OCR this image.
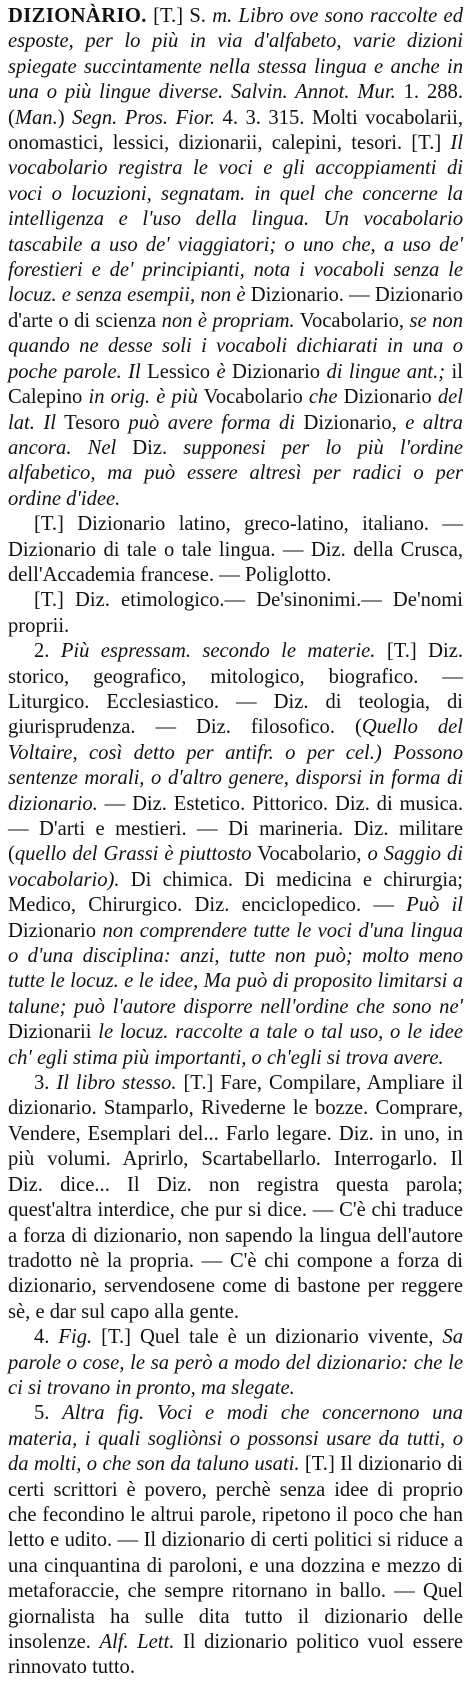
DIZIONÀRIO. [T.] S. m. Libro ove sono raccolte ed esposte, per lo più in via d'alfabeto, varie dizioni spiegate succintamente nella stessa lingua e anche in una o più lingue diverse. Salvin. Annot. Mur. 1. 288. (Man.) Segn. Pros. Fior. 4. 3. 315. Molti vocabolarii, onomastici, lessici, dizionarii, calepini, tesori. [T.] Il vocabolario registra le voci e gli accoppiamenti di voci o locuzioni, segnatam. in quel che concerne la intelligenza e l'uso della lingua. Un vocabolario tascabile a uso de' viaggiatori; o uno che, a uso de' forestieri e de' principianti, nota i vocaboli senza le locuz. e senza esempii, non è Dizionario. — Dizionario d'arte o di scienza non è propriam. Vocabolario, se non quando ne desse soli i vocaboli dichiarati in una o poche parole. Il Lessico è Dizionario di lingue ant.; il Calepino in orig. è più Vocabolario che Dizionario del lat. Il Tesoro può avere forma di Dizionario, e altra ancora. Nel Diz. supponesi per lo più l'ordine alfabetico, ma può essere altresì per radici o per ordine d'idee.

[T.] Dizionario latino, greco-latino, italiano. — Dizionario di tale o tale lingua. — Diz. della Crusca, dell'Accademia francese. — Poliglotto.

[T.] Diz. etimologico.— De'sinonimi.— De'nomi proprii.

2. Più espressam. secondo le materie. [T.] Diz. storico, geografico, mitologico, biografico. — Liturgico. Ecclesiastico. — Diz. di teologia, di giurisprudenza. — Diz. filosofico. (Quello del Voltaire, così detto per antifr. o per cel.) Possono sentenze morali, o d'altro genere, disporsi in forma di dizionario. — Diz. Estetico. Pittorico. Diz. di musica. — D'arti e mestieri. — Di marineria. Diz. militare (quello del Grassi è piuttosto Vocabolario, o Saggio di vocabolario). Di chimica. Di medicina e chirurgia; Medico, Chirurgico. Diz. enciclopedico. — Può il Dizionario non comprendere tutte le voci d'una lingua o d'una disciplina: anzi, tutte non può; molto meno tutte le locuz. e le idee, Ma può di proposito limitarsi a talune; può l'autore disporre nell'ordine che sono ne' Dizionarii le locuz. raccolte a tale o tal uso, o le idee ch' egli stima più importanti, o ch'egli si trova avere.

3. Il libro stesso. [T.] Fare, Compilare, Ampliare il dizionario. Stamparlo, Rivederne le bozze. Comprare, Vendere, Esemplari del... Farlo legare. Diz. in uno, in più volumi. Aprirlo, Scartabellarlo. Interrogarlo. Il Diz. dice... Il Diz. non registra questa parola; quest'altra interdice, che pur si dice. — C'è chi traduce a forza di dizionario, non sapendo la lingua dell'autore tradotto nè la propria. — C'è chi compone a forza di dizionario, servendosene come di bastone per reggere sè, e dar sul capo alla gente.

4. Fig. [T.] Quel tale è un dizionario vivente, Sa parole o cose, le sa però a modo del dizionario: che le ci si trovano in pronto, ma slegate.

5. Altra fig. Voci e modi che concernono una materia, i quali sogliònsi o possonsi usare da tutti, o da molti, o che son da taluno usati. [T.] Il dizionario di certi scrittori è povero, perchè senza idee di proprio che fecondino le altrui parole, ripetono il poco che han letto e udito. — Il dizionario di certi politici si riduce a una cinquantina di paroloni, e una dozzina e mezzo di metaforaccie, che sempre ritornano in ballo. — Quel giornalista ha sulle dita tutto il dizionario delle insolenze. Alf. Lett. Il dizionario politico vuol essere rinnovato tutto.
